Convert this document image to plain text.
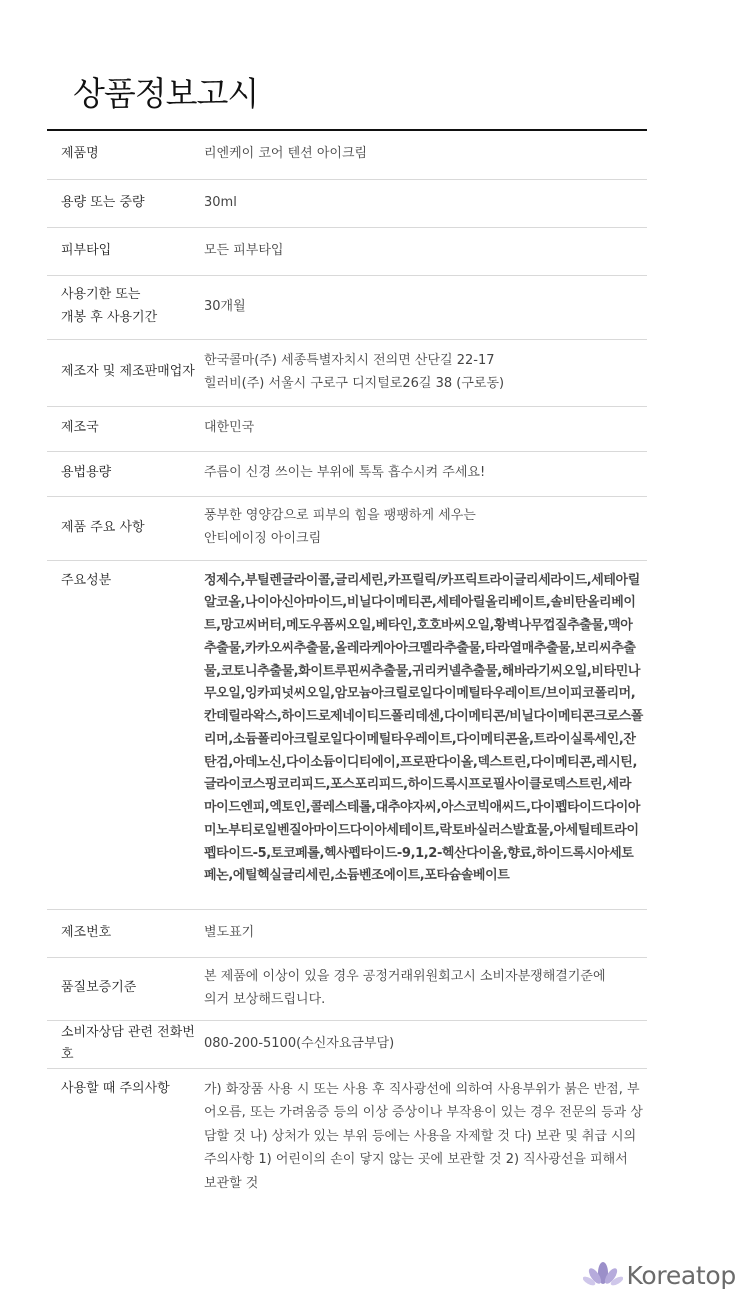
상품정보고시
제품명	리엔케이 코어 텐션 아이크림
용량 또는 중량	30ml
피부타입	모든 피부타입
사용기한 또는
개봉 후 사용기간	30개월
제조자 및 제조판매업자	한국콜마(주) 세종특별자치시 전의면 산단길 22-17
힐러비(주) 서울시 구로구 디지털로26길 38 (구로동)
제조국	대한민국
용법용량	주름이 신경 쓰이는 부위에 톡톡 흡수시켜 주세요!
제품 주요 사항	풍부한 영양감으로 피부의 힘을 팽팽하게 세우는
안티에이징 아이크림
주요성분	정제수,부틸렌글라이콜,글리세린,카프릴릭/카프릭트라이글리세라이드,세테아릴알코올,나이아신아마이드,비닐다이메티콘,세테아릴올리베이트,솔비탄올리베이트,망고씨버터,메도우폼씨오일,베타인,호호바씨오일,황벽나무껍질추출물,맥아추출물,카카오씨추출물,올레라케아아크멜라추출물,타라열매추출물,보리씨추출물,코토니추출물,화이트루핀씨추출물,귀리커넬추출물,해바라기씨오일,비타민나무오일,잉카피넛씨오일,암모늄아크릴로일다이메틸타우레이트/브이피코폴리머,칸데릴라왁스,하이드로제네이티드폴리데센,다이메티콘/비닐다이메티콘크로스폴리머,소듐폴리아크릴로일다이메틸타우레이트,다이메티콘올,트라이실록세인,잔탄검,아데노신,다이소듐이디티에이,프로판다이올,덱스트린,다이메티콘,레시틴,글라이코스핑코리피드,포스포리피드,하이드록시프로필사이클로덱스트린,세라마이드엔피,엑토인,콜레스테롤,대추야자씨,아스코빅애씨드,다이펩타이드다이아미노부티로일벤질아마이드다이아세테이트,락토바실러스발효물,아세틸테트라이펩타이드-5,토코페롤,헥사펩타이드-9,1,2-헥산다이올,향료,하이드록시아세토페논,에틸헥실글리세린,소듐벤조에이트,포타슘솔베이트
제조번호	별도표기
품질보증기준	본 제품에 이상이 있을 경우 공정거래위원회고시 소비자분쟁해결기준에
의거 보상해드립니다.
소비자상담 관련 전화번호	080-200-5100(수신자요금부담)
사용할 때 주의사항	가) 화장품 사용 시 또는 사용 후 직사광선에 의하여 사용부위가 붉은 반점, 부어오름, 또는 가려움증 등의 이상 증상이나 부작용이 있는 경우 전문의 등과 상담할 것 나) 상처가 있는 부위 등에는 사용을 자제할 것 다) 보관 및 취급 시의 주의사항 1) 어린이의 손이 닿지 않는 곳에 보관할 것 2) 직사광선을 피해서 보관할 것
Koreatop
